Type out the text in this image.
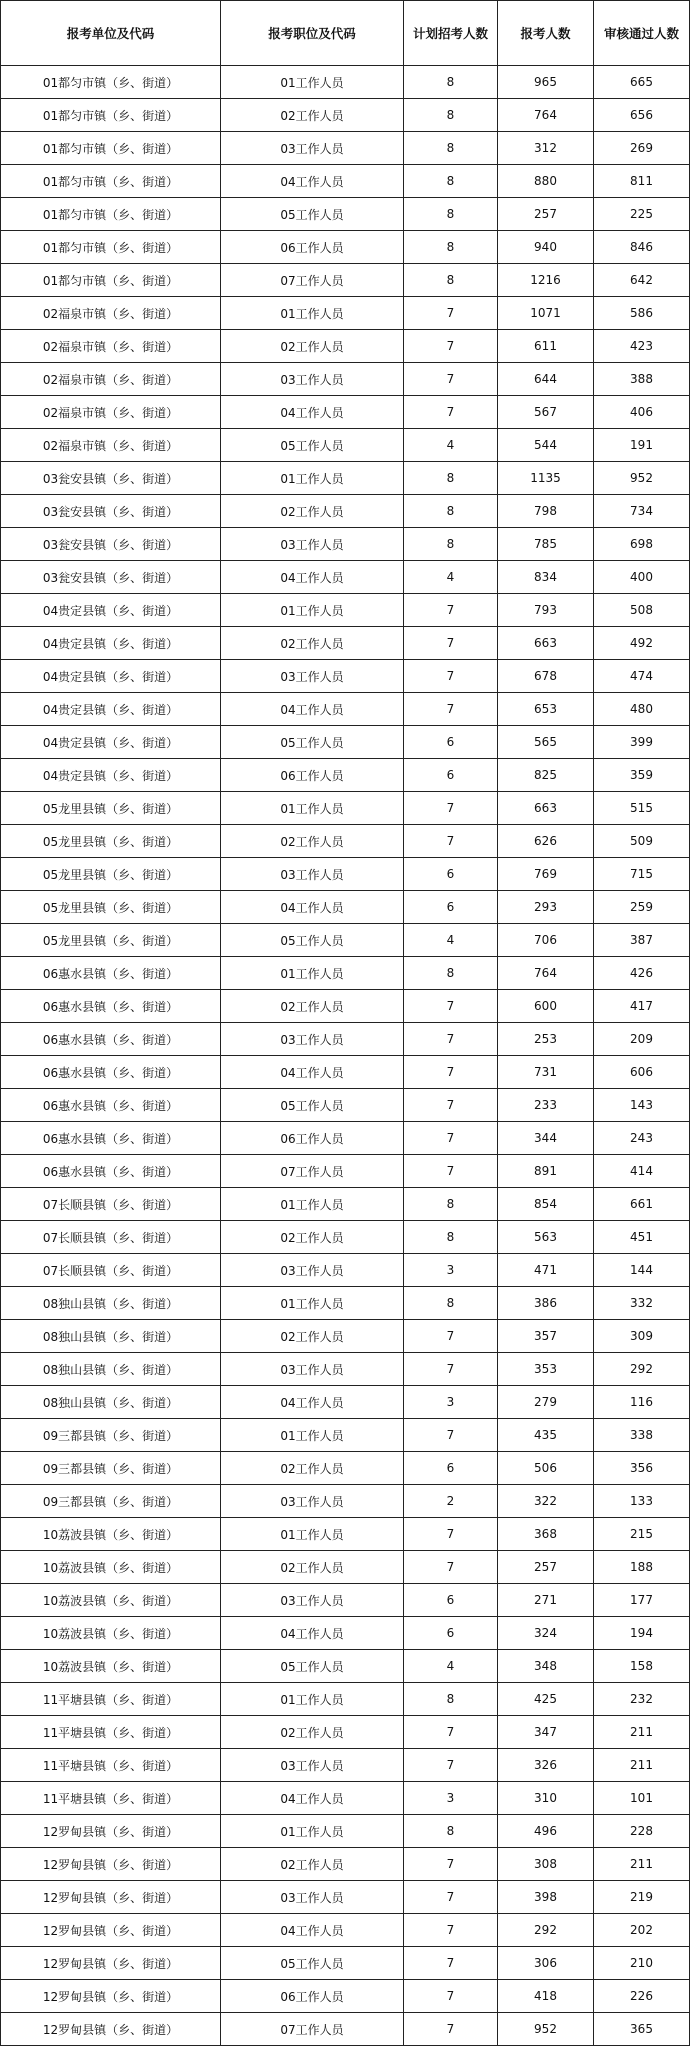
报考单位及代码	报考职位及代码	计划招考人数	报考人数	审核通过人数
01都匀市镇（乡、街道）	01工作人员	8	965	665
01都匀市镇（乡、街道）	02工作人员	8	764	656
01都匀市镇（乡、街道）	03工作人员	8	312	269
01都匀市镇（乡、街道）	04工作人员	8	880	811
01都匀市镇（乡、街道）	05工作人员	8	257	225
01都匀市镇（乡、街道）	06工作人员	8	940	846
01都匀市镇（乡、街道）	07工作人员	8	1216	642
02福泉市镇（乡、街道）	01工作人员	7	1071	586
02福泉市镇（乡、街道）	02工作人员	7	611	423
02福泉市镇（乡、街道）	03工作人员	7	644	388
02福泉市镇（乡、街道）	04工作人员	7	567	406
02福泉市镇（乡、街道）	05工作人员	4	544	191
03瓮安县镇（乡、街道）	01工作人员	8	1135	952
03瓮安县镇（乡、街道）	02工作人员	8	798	734
03瓮安县镇（乡、街道）	03工作人员	8	785	698
03瓮安县镇（乡、街道）	04工作人员	4	834	400
04贵定县镇（乡、街道）	01工作人员	7	793	508
04贵定县镇（乡、街道）	02工作人员	7	663	492
04贵定县镇（乡、街道）	03工作人员	7	678	474
04贵定县镇（乡、街道）	04工作人员	7	653	480
04贵定县镇（乡、街道）	05工作人员	6	565	399
04贵定县镇（乡、街道）	06工作人员	6	825	359
05龙里县镇（乡、街道）	01工作人员	7	663	515
05龙里县镇（乡、街道）	02工作人员	7	626	509
05龙里县镇（乡、街道）	03工作人员	6	769	715
05龙里县镇（乡、街道）	04工作人员	6	293	259
05龙里县镇（乡、街道）	05工作人员	4	706	387
06惠水县镇（乡、街道）	01工作人员	8	764	426
06惠水县镇（乡、街道）	02工作人员	7	600	417
06惠水县镇（乡、街道）	03工作人员	7	253	209
06惠水县镇（乡、街道）	04工作人员	7	731	606
06惠水县镇（乡、街道）	05工作人员	7	233	143
06惠水县镇（乡、街道）	06工作人员	7	344	243
06惠水县镇（乡、街道）	07工作人员	7	891	414
07长顺县镇（乡、街道）	01工作人员	8	854	661
07长顺县镇（乡、街道）	02工作人员	8	563	451
07长顺县镇（乡、街道）	03工作人员	3	471	144
08独山县镇（乡、街道）	01工作人员	8	386	332
08独山县镇（乡、街道）	02工作人员	7	357	309
08独山县镇（乡、街道）	03工作人员	7	353	292
08独山县镇（乡、街道）	04工作人员	3	279	116
09三都县镇（乡、街道）	01工作人员	7	435	338
09三都县镇（乡、街道）	02工作人员	6	506	356
09三都县镇（乡、街道）	03工作人员	2	322	133
10荔波县镇（乡、街道）	01工作人员	7	368	215
10荔波县镇（乡、街道）	02工作人员	7	257	188
10荔波县镇（乡、街道）	03工作人员	6	271	177
10荔波县镇（乡、街道）	04工作人员	6	324	194
10荔波县镇（乡、街道）	05工作人员	4	348	158
11平塘县镇（乡、街道）	01工作人员	8	425	232
11平塘县镇（乡、街道）	02工作人员	7	347	211
11平塘县镇（乡、街道）	03工作人员	7	326	211
11平塘县镇（乡、街道）	04工作人员	3	310	101
12罗甸县镇（乡、街道）	01工作人员	8	496	228
12罗甸县镇（乡、街道）	02工作人员	7	308	211
12罗甸县镇（乡、街道）	03工作人员	7	398	219
12罗甸县镇（乡、街道）	04工作人员	7	292	202
12罗甸县镇（乡、街道）	05工作人员	7	306	210
12罗甸县镇（乡、街道）	06工作人员	7	418	226
12罗甸县镇（乡、街道）	07工作人员	7	952	365
